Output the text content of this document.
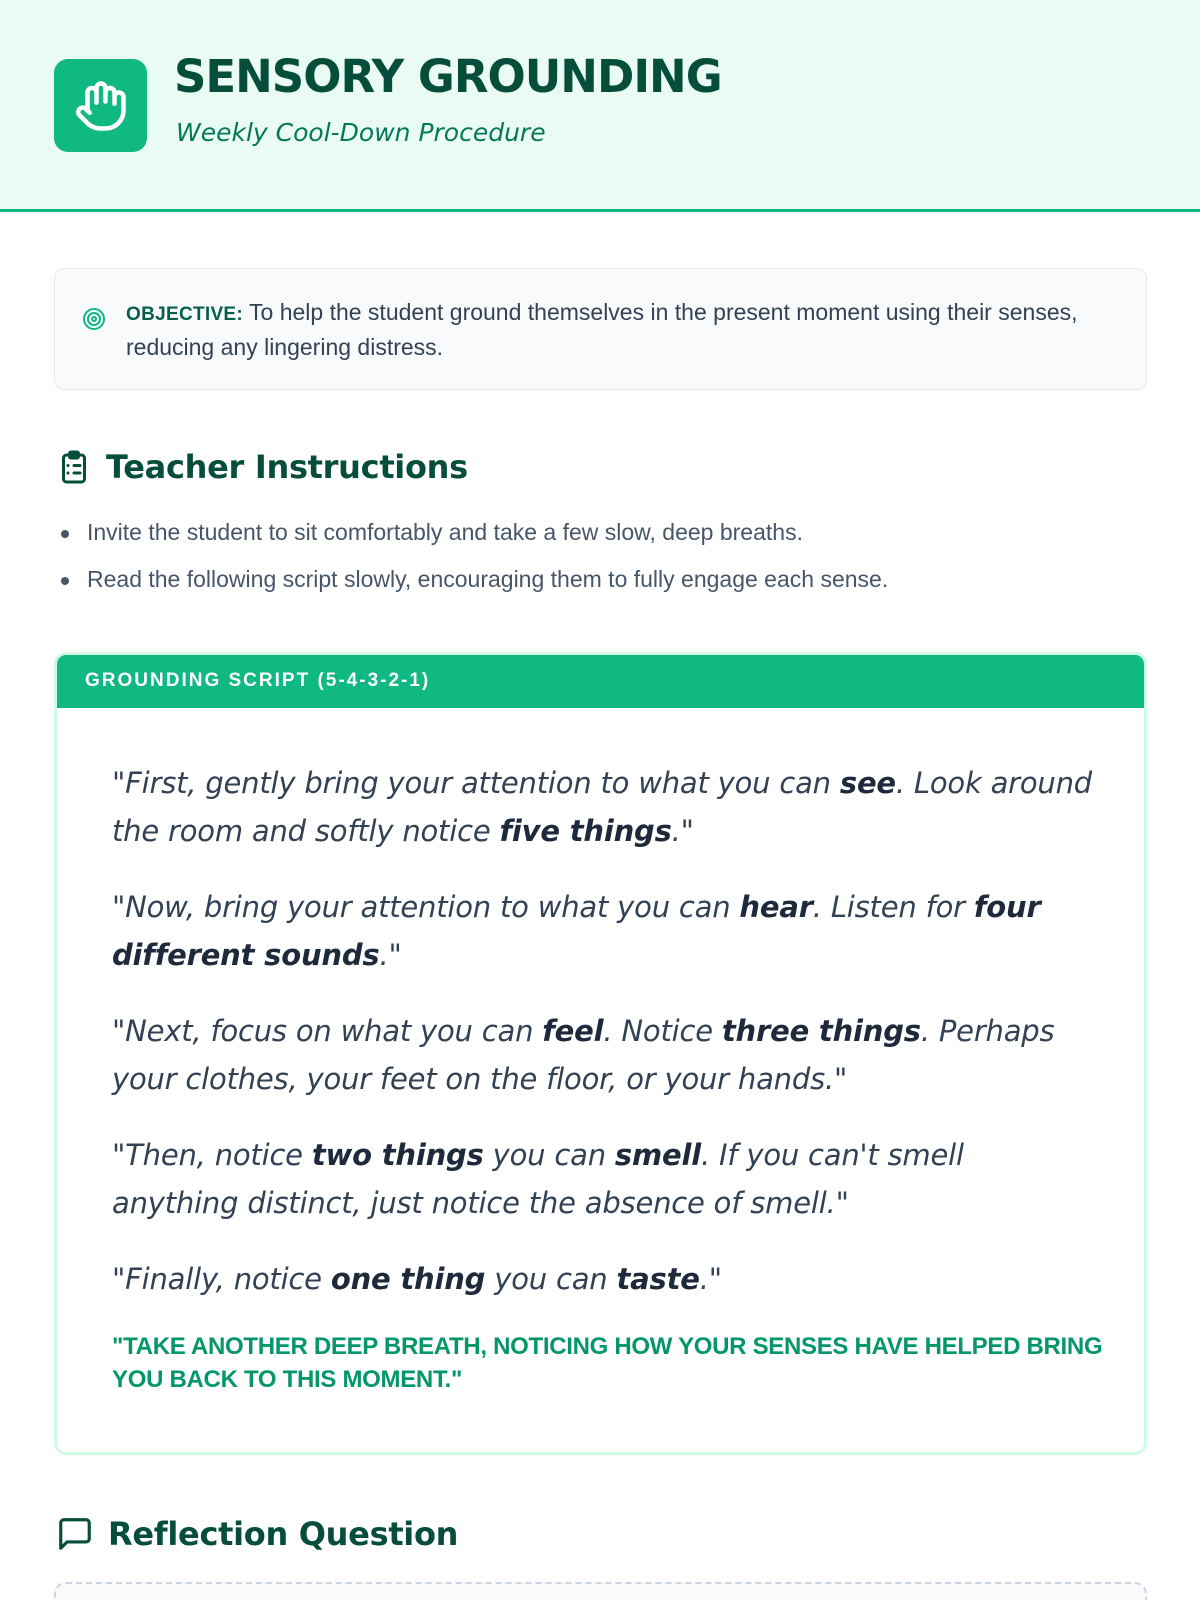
SENSORY GROUNDING
Weekly Cool-Down Procedure
OBJECTIVE: To help the student ground themselves in the present moment using their senses, reducing any lingering distress.
Teacher Instructions
Invite the student to sit comfortably and take a few slow, deep breaths.
Read the following script slowly, encouraging them to fully engage each sense.
GROUNDING SCRIPT (5-4-3-2-1)

"First, gently bring your attention to what you can see. Look around the room and softly notice five things."

"Now, bring your attention to what you can hear. Listen for four different sounds."

"Next, focus on what you can feel. Notice three things. Perhaps your clothes, your feet on the floor, or your hands."

"Then, notice two things you can smell. If you can't smell anything distinct, just notice the absence of smell."

"Finally, notice one thing you can taste."

"TAKE ANOTHER DEEP BREATH, NOTICING HOW YOUR SENSES HAVE HELPED BRING YOU BACK TO THIS MOMENT."
Reflection Question
